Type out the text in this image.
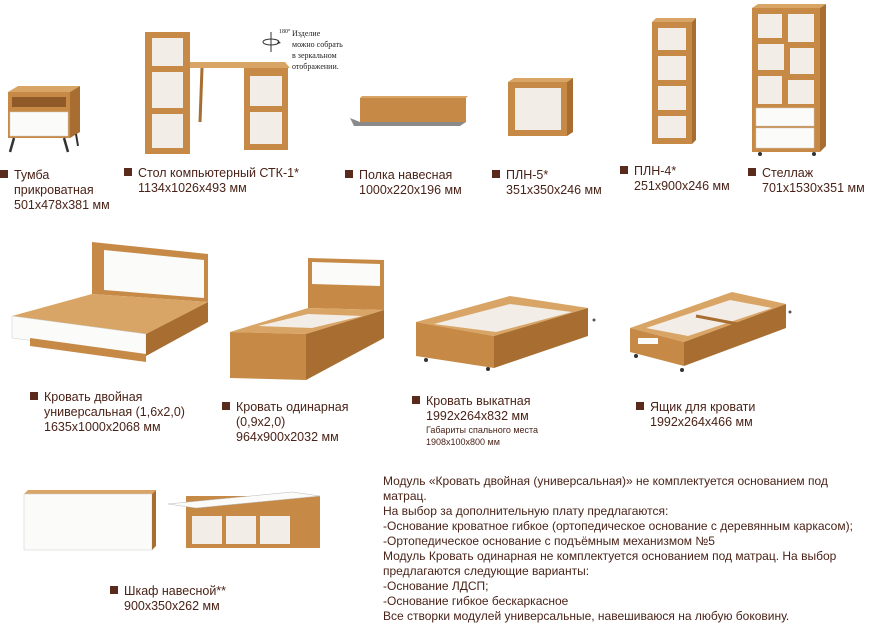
180° Изделие
можно собрать
в зеркальном
отображении.
Тумба
прикроватная
501х478х381 мм
Стол компьютерный СТК-1*
1134х1026х493 мм
Полка навесная
1000х220х196 мм
ПЛН-5*
351х350х246 мм
ПЛН-4*
251х900х246 мм
Стеллаж
701х1530х351 мм
Кровать двойная
универсальная (1,6х2,0)
1635х1000х2068 мм
Кровать одинарная
(0,9х2,0)
964х900х2032 мм
Кровать выкатная
1992х264х832 мм
Габариты спального места
1908х100х800 мм
Ящик для кровати
1992х264х466 мм
Шкаф навесной**
900х350х262 мм
Модуль «Кровать двойная (универсальная)» не комплектуется основанием под матрац.
На выбор за дополнительную плату предлагаются:
-Основание кроватное гибкое (ортопедическое основание с деревянным каркасом);
-Ортопедическое основание с подъёмным механизмом №5
Модуль Кровать одинарная не комплектуется основанием под матрац. На выбор предлагаются следующие варианты:
-Основание ЛДСП;
-Основание гибкое бескаркасное
Все створки модулей универсальные, навешиваюся на любую боковину.
